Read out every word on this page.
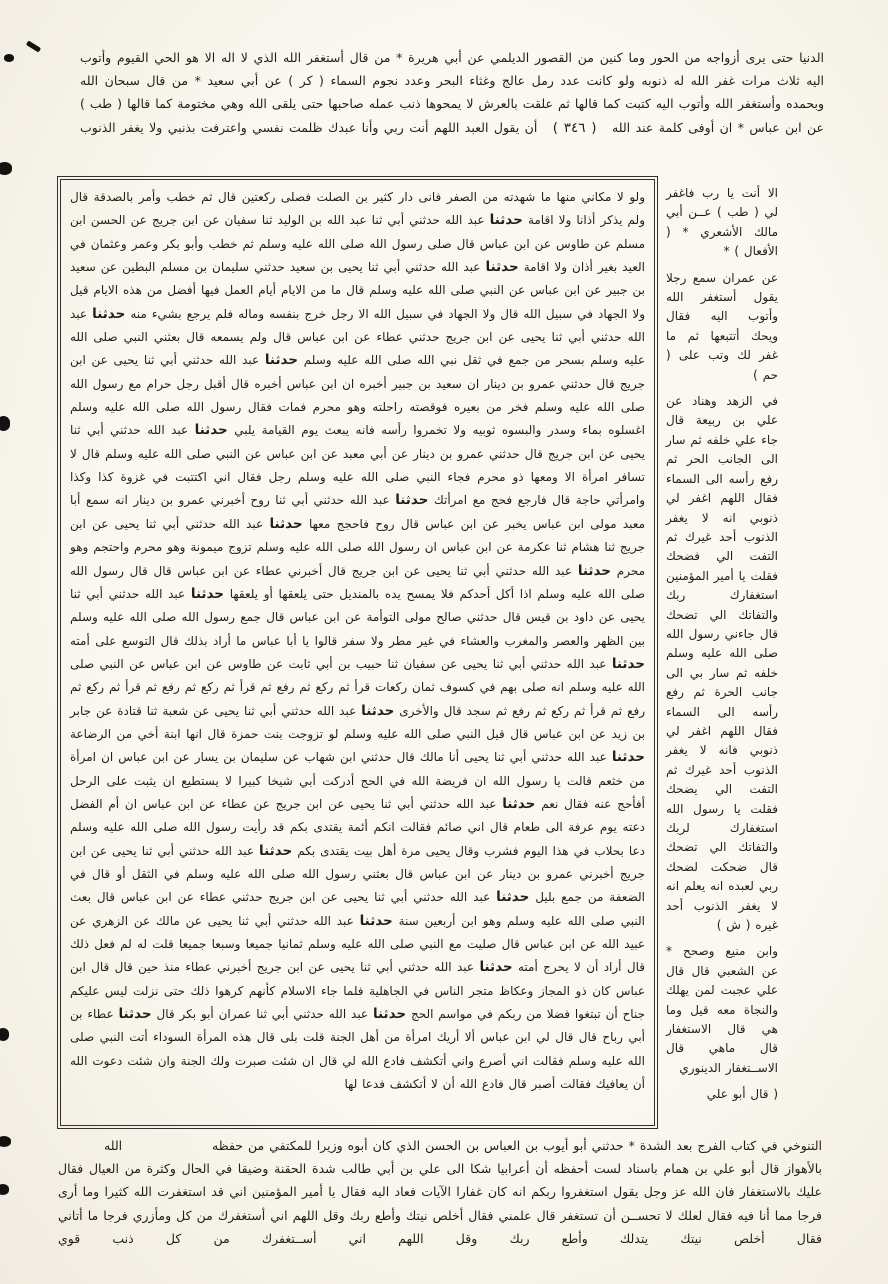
الدنيا حتى يرى أزواجه من الحور وما كنين من القصور الديلمي عن أبي هريرة * من قال أستغفر الله الذي لا اله الا هو الحي القيوم وأتوب اليه ثلاث مرات غفر الله له ذنوبه ولو كانت عدد رمل عالج وغثاء البحر وعدد نجوم السماء ( كر ) عن أبي سعيد * من قال سبحان الله وبحمده وأستغفر الله وأتوب اليه كتبت كما قالها ثم علقت بالعرش لا يمحوها ذنب عمله صاحبها حتى يلقى الله وهي مختومة كما قالها ( طب ) عن ابن عباس * ان أوفى كلمة عند الله ( ٣٤٦ ) أن يقول العبد اللهم أنت ربي وأنا عبدك ظلمت نفسي واعترفت بذنبي ولا يغفر الذنوب
ولو لا مكاني منها ما شهدته من الصفر فانى دار كثير بن الصلت فصلى ركعتين قال ثم خطب وأمر بالصدقة قال ولم يذكر أذانا ولا اقامة حدثنا عبد الله حدثني أبي ثنا عبد الله بن الوليد ثنا سفيان عن ابن جريج عن الحسن ابن مسلم عن طاوس عن ابن عباس قال صلى رسول الله صلى الله عليه وسلم ثم خطب وأبو بكر وعمر وعثمان في العيد بغير أذان ولا اقامة حدثنا عبد الله حدثني أبي ثنا يحيى بن سعيد حدثني سليمان بن مسلم البطين عن سعيد بن جبير عن ابن عباس عن النبي صلى الله عليه وسلم قال ما من الايام أيام العمل فيها أفضل من هذه الايام قيل ولا الجهاد في سبيل الله قال ولا الجهاد في سبيل الله الا رجل خرج بنفسه وماله فلم يرجع بشيء منه حدثنا عبد الله حدثني أبي ثنا يحيى عن ابن جريج حدثني عطاء عن ابن عباس قال ولم يسمعه قال بعثني النبي صلى الله عليه وسلم بسحر من جمع في ثقل نبي الله صلى الله عليه وسلم حدثنا عبد الله حدثني أبي ثنا يحيى عن ابن جريج قال حدثني عمرو بن دينار ان سعيد بن جبير أخبره ان ابن عباس أخبره قال أقبل رجل حرام مع رسول الله صلى الله عليه وسلم فخر من بعيره فوقصته راحلته وهو محرم فمات فقال رسول الله صلى الله عليه وسلم اغسلوه بماء وسدر والبسوه ثوبيه ولا تخمروا رأسه فانه يبعث يوم القيامة يلبي حدثنا عبد الله حدثني أبي ثنا يحيى عن ابن جريج قال حدثني عمرو بن دينار عن أبي معبد عن ابن عباس عن النبي صلى الله عليه وسلم قال لا تسافر امرأة الا ومعها ذو محرم فجاء النبي صلى الله عليه وسلم رجل فقال اني اكتتبت في غزوة كذا وكذا وامرأتي حاجة قال فارجع فحج مع امرأتك حدثنا عبد الله حدثني أبي ثنا روح أخبرني عمرو بن دينار انه سمع أبا معبد مولى ابن عباس يخبر عن ابن عباس قال روح فاحجج معها حدثنا عبد الله حدثني أبي ثنا يحيى عن ابن جريج ثنا هشام ثنا عكرمة عن ابن عباس ان رسول الله صلى الله عليه وسلم تزوج ميمونة وهو محرم واحتجم وهو محرم حدثنا عبد الله حدثني أبي ثنا يحيى عن ابن جريج قال أخبرني عطاء عن ابن عباس قال قال رسول الله صلى الله عليه وسلم اذا أكل أحدكم فلا يمسح يده بالمنديل حتى يلعقها أو يلعقها حدثنا عبد الله حدثني أبي ثنا يحيى عن داود بن قيس قال حدثني صالح مولى التوأمة عن ابن عباس قال جمع رسول الله صلى الله عليه وسلم بين الظهر والعصر والمغرب والعشاء في غير مطر ولا سفر قالوا يا أبا عباس ما أراد بذلك قال التوسع على أمته حدثنا عبد الله حدثني أبي ثنا يحيى عن سفيان ثنا حبيب بن أبي ثابت عن طاوس عن ابن عباس عن النبي صلى الله عليه وسلم انه صلى بهم في كسوف ثمان ركعات قرأ ثم ركع ثم رفع ثم قرأ ثم ركع ثم رفع ثم قرأ ثم ركع ثم رفع ثم قرأ ثم ركع ثم رفع ثم سجد قال والأخرى حدثنا عبد الله حدثني أبي ثنا يحيى عن شعبة ثنا قتادة عن جابر بن زيد عن ابن عباس قال قيل النبي صلى الله عليه وسلم لو تزوجت بنت حمزة قال انها ابنة أخي من الرضاعة حدثنا عبد الله حدثني أبي ثنا يحيى أنا مالك قال حدثني ابن شهاب عن سليمان بن يسار عن ابن عباس ان امرأة من خثعم قالت يا رسول الله ان فريضة الله في الحج أدركت أبي شيخا كبيرا لا يستطيع ان يثبت على الرحل أفأحج عنه فقال نعم حدثنا عبد الله حدثني أبي ثنا يحيى عن ابن جريج عن عطاء عن ابن عباس ان أم الفضل دعته يوم عرفة الى طعام قال اني صائم فقالت انكم أئمة يقتدى بكم قد رأيت رسول الله صلى الله عليه وسلم دعا بحلاب في هذا اليوم فشرب وقال يحيى مرة أهل بيت يقتدى بكم حدثنا عبد الله حدثني أبي ثنا يحيى عن ابن جريج أخبرني عمرو بن دينار عن ابن عباس قال بعثني رسول الله صلى الله عليه وسلم في الثقل أو قال في الضعفة من جمع بليل حدثنا عبد الله حدثني أبي ثنا يحيى عن ابن جريج حدثني عطاء عن ابن عباس قال بعث النبي صلى الله عليه وسلم وهو ابن أربعين سنة حدثنا عبد الله حدثني أبي ثنا يحيى عن مالك عن الزهري عن عبيد الله عن ابن عباس قال صليت مع النبي صلى الله عليه وسلم ثمانيا جميعا وسبعا جميعا قلت له لم فعل ذلك قال أراد أن لا يحرج أمته حدثنا عبد الله حدثني أبي ثنا يحيى عن ابن جريج أخبرني عطاء منذ حين قال قال ابن عباس كان ذو المجاز وعكاظ متجر الناس في الجاهلية فلما جاء الاسلام كأنهم كرهوا ذلك حتى نزلت ليس عليكم جناح أن تبتغوا فضلا من ربكم في مواسم الحج حدثنا عبد الله حدثني أبي ثنا عمران أبو بكر قال حدثنا عطاء بن أبي رباح قال قال لي ابن عباس ألا أريك امرأة من أهل الجنة قلت بلى قال هذه المرأة السوداء أتت النبي صلى الله عليه وسلم فقالت اني أصرع واني أتكشف فادع الله لي قال ان شئت صبرت ولك الجنة وان شئت دعوت الله أن يعافيك فقالت أصبر قال فادع الله أن لا أتكشف فدعا لها

الا أنت يا رب فاغفر لي ( طب ) عــن أبي مالك الأشعري * ( الأفعال ) *

عن عمران سمع رجلا يقول أستغفر الله وأتوب اليه فقال ويحك أتتبعها ثم ما غفر لك وتب على ( حم )

في الزهد وهناد عن علي بن ربيعة قال جاء علي خلفه ثم سار الى الجانب الحر ثم رفع رأسه الى السماء فقال اللهم اغفر لي ذنوبي انه لا يغفر الذنوب أحد غيرك ثم التفت الي فضحك فقلت يا أمير المؤمنين استغفارك ربك والتفاتك الي تضحك قال جاءني رسول الله صلى الله عليه وسلم خلفه ثم سار بي الى جانب الحرة ثم رفع رأسه الى السماء فقال اللهم اغفر لي ذنوبي فانه لا يغفر الذنوب أحد غيرك ثم التفت الي يضحك فقلت يا رسول الله استغفارك لربك والتفاتك الي تضحك قال ضحكت لضحك ربي لعبده انه يعلم انه لا يغفر الذنوب أحد غيره ( ش )

وابن منيع وصحح * عن الشعبي قال قال علي عجبت لمن يهلك والنجاة معه قيل وما هي قال الاستغفار قال ماهي قال الاســتغفار الدينوري

( قال أبو علي

التنوخي في كتاب الفرج بعد الشدة * حدثني أبو أيوب بن العباس بن الحسن الذي كان أبوه وزيرا للمكتفي من حفظه
الله
بالأهواز قال أبو علي بن همام باسناد لست أحفظه أن أعرابيا شكا الى علي بن أبي طالب شدة الحقنة وضيقا في الحال وكثرة من العيال فقال عليك بالاستغفار فان الله عز وجل يقول استغفروا ربكم انه كان غفارا الآيات فعاد اليه فقال يا أمير المؤمنين اني قد استغفرت الله كثيرا وما أرى فرجا مما أنا فيه فقال لعلك لا تحســن أن تستغفر قال علمني فقال أخلص نيتك وأطع ربك وقل اللهم اني أستغفرك من كل ومأزري فرجا ما أتاني فقال أخلص نيتك يتدلك وأطع ربك وقل اللهم اني أســتغفرك من كل ذنب قوي
